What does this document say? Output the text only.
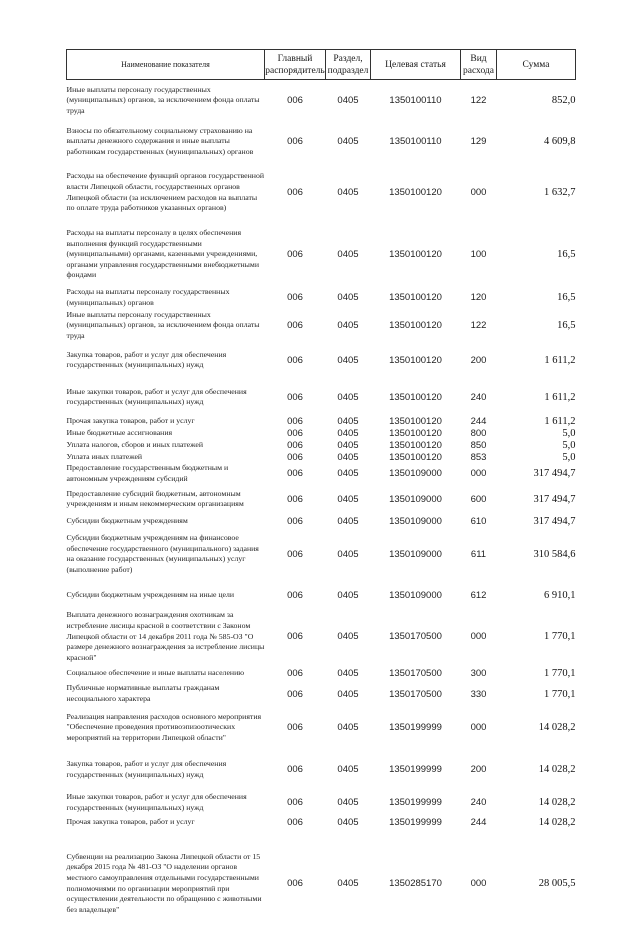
Наименование показателя	Главный распорядитель	Раздел, подраздел	Целевая статья	Вид расхода	Сумма
Иные выплаты персоналу государственных (муниципальных) органов, за исключением фонда оплаты труда	006	0405	1350100110	122	852,0
Взносы по обязательному социальному страхованию на выплаты денежного содержания и иные выплаты работникам государственных (муниципальных) органов	006	0405	1350100110	129	4 609,8
Расходы на обеспечение функций органов государственной власти Липецкой области, государственных органов Липецкой области (за исключением расходов на выплаты по оплате труда работников указанных органов)	006	0405	1350100120	000	1 632,7
Расходы на выплаты персоналу в целях обеспечения выполнения функций государственными (муниципальными) органами, казенными учреждениями, органами управления государственными внебюджетными фондами	006	0405	1350100120	100	16,5
Расходы на выплаты персоналу государственных (муниципальных) органов	006	0405	1350100120	120	16,5
Иные выплаты персоналу государственных (муниципальных) органов, за исключением фонда оплаты труда	006	0405	1350100120	122	16,5
Закупка товаров, работ и услуг для обеспечения государственных (муниципальных) нужд	006	0405	1350100120	200	1 611,2
Иные закупки товаров, работ и услуг для обеспечения государственных (муниципальных) нужд	006	0405	1350100120	240	1 611,2
Прочая закупка товаров, работ и услуг	006	0405	1350100120	244	1 611,2
Иные бюджетные ассигнования	006	0405	1350100120	800	5,0
Уплата налогов, сборов и иных платежей	006	0405	1350100120	850	5,0
Уплата иных платежей	006	0405	1350100120	853	5,0
Предоставление государственным бюджетным и автономным учреждениям субсидий	006	0405	1350109000	000	317 494,7
Предоставление субсидий бюджетным, автономным учреждениям и иным некоммерческим организациям	006	0405	1350109000	600	317 494,7
Субсидии бюджетным учреждениям	006	0405	1350109000	610	317 494,7
Субсидии бюджетным учреждениям на финансовое обеспечение государственного (муниципального) задания на оказание государственных (муниципальных) услуг (выполнение работ)	006	0405	1350109000	611	310 584,6
Субсидии бюджетным учреждениям на иные цели	006	0405	1350109000	612	6 910,1
Выплата денежного вознаграждения охотникам за истребление лисицы красной в соответствии с Законом Липецкой области от 14 декабря 2011 года № 585-ОЗ "О размере денежного вознаграждения за истребление лисицы красной"	006	0405	1350170500	000	1 770,1
Социальное обеспечение и иные выплаты населению	006	0405	1350170500	300	1 770,1
Публичные нормативные выплаты гражданам несоциального характера	006	0405	1350170500	330	1 770,1
Реализация направления расходов основного мероприятия "Обеспечение проведения противоэпизоотических мероприятий на территории Липецкой области"	006	0405	1350199999	000	14 028,2
Закупка товаров, работ и услуг для обеспечения государственных (муниципальных) нужд	006	0405	1350199999	200	14 028,2
Иные закупки товаров, работ и услуг для обеспечения государственных (муниципальных) нужд	006	0405	1350199999	240	14 028,2
Прочая закупка товаров, работ и услуг	006	0405	1350199999	244	14 028,2
Субвенции на реализацию Закона Липецкой области от 15 декабря 2015 года № 481-ОЗ "О наделении органов местного самоуправления отдельными государственными полномочиями по организации мероприятий при осуществлении деятельности по обращению с животными без владельцев"	006	0405	1350285170	000	28 005,5
